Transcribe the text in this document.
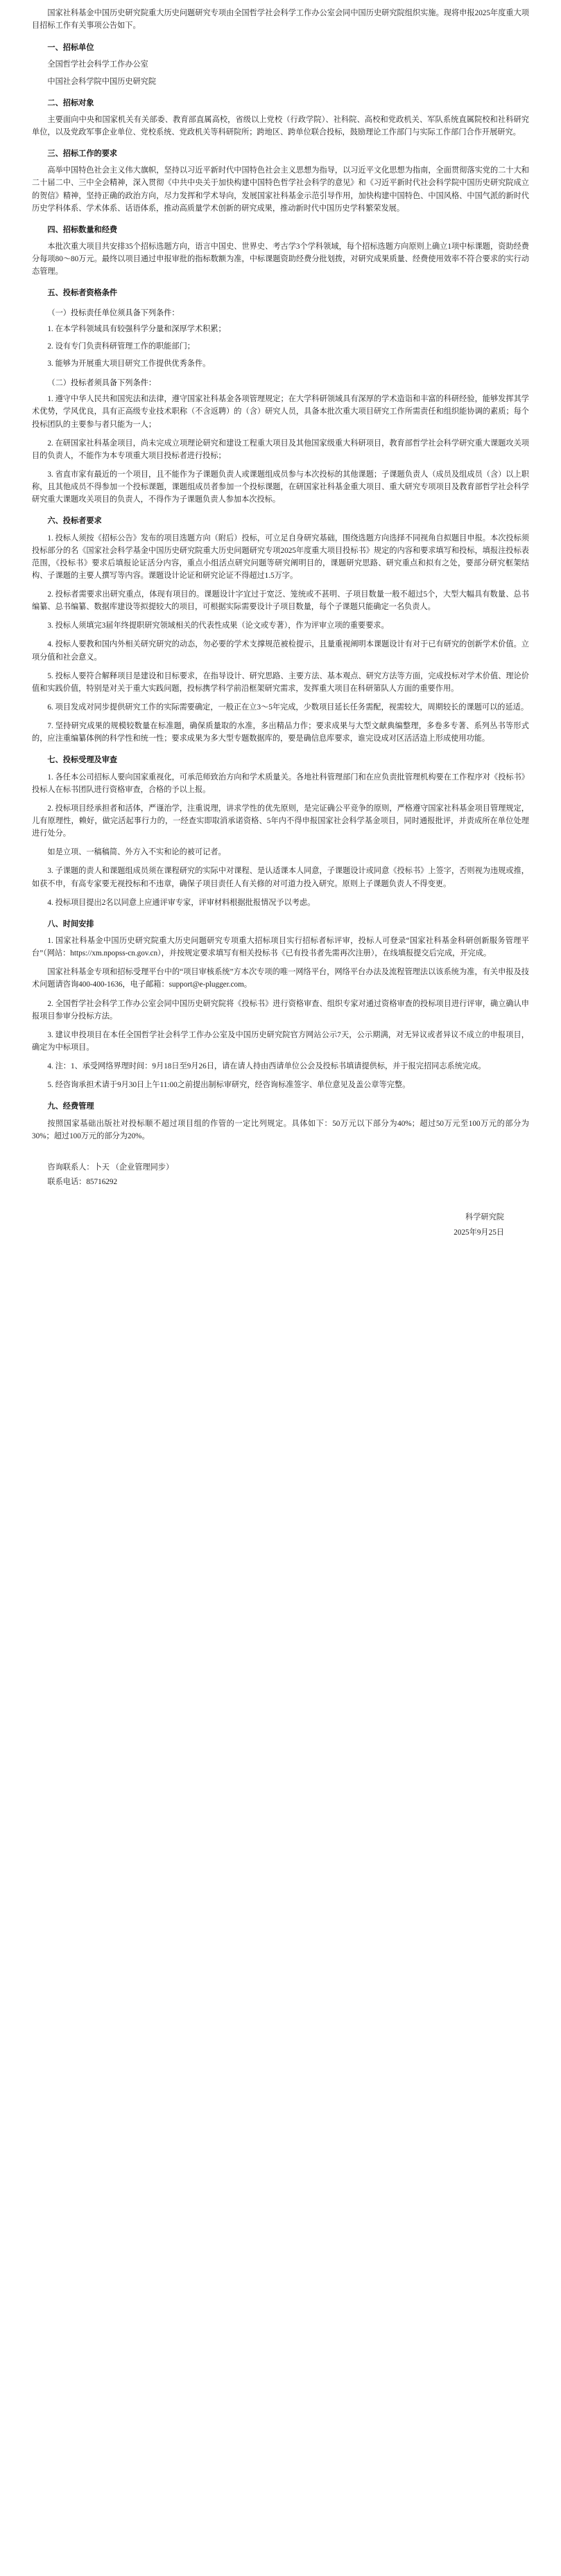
国家社科基金中国历史研究院重大历史问题研究专项由全国哲学社会科学工作办公室会同中国历史研究院组织实施。现将申报2025年度重大项目招标工作有关事项公告如下。

一、招标单位
全国哲学社会科学工作办公室
中国社会科学院中国历史研究院
二、招标对象

主要面向中央和国家机关有关部委、教育部直属高校，省级以上党校（行政学院）、社科院、高校和党政机关、军队系统直属院校和社科研究单位，以及党政军事企业单位、党校系统、党政机关等科研院所；跨地区、跨单位联合投标，鼓励理论工作部门与实际工作部门合作开展研究。

三、招标工作的要求

高举中国特色社会主义伟大旗帜，坚持以习近平新时代中国特色社会主义思想为指导，以习近平文化思想为指南，全面贯彻落实党的二十大和二十届二中、三中全会精神，深入贯彻《中共中央关于加快构建中国特色哲学社会科学的意见》和《习近平新时代社会科学院中国历史研究院成立的贺信》精神，坚持正确的政治方向，尽力发挥和学术导向，发展国家社科基金示范引导作用，加快构建中国特色、中国风格、中国气派的新时代历史学科体系、学术体系、话语体系，推动高质量学术创新的研究成果，推动新时代中国历史学科繁荣发展。

四、招标数量和经费

本批次重大项目共安排35个招标选题方向，语言中国史、世界史、考古学3个学科领域，每个招标选题方向原则上确立1项中标课题，资助经费分每项80～80万元。最终以项目通过申报审批的指标数额为准，中标课题资助经费分批划拨，对研究成果质量、经费使用效率不符合要求的实行动态管理。

五、投标者资格条件
（一）投标责任单位须具备下列条件：

1. 在本学科领域具有较强科学分量和深厚学术积累；

2. 设有专门负责科研管理工作的职能部门；

3. 能够为开展重大项目研究工作提供优秀条件。

（二）投标者须具备下列条件：

1. 遵守中华人民共和国宪法和法律，遵守国家社科基金各项管理规定；在大学科研领域具有深厚的学术造诣和丰富的科研经验，能够发挥其学术优势，学风优良，具有正高级专业技术职称（不含返聘）的（含）研究人员，具备本批次重大项目研究工作所需责任和组织能协调的素质；每个投标团队的主要参与者只能为一人；

2. 在研国家社科基金项目，尚未完成立项理论研究和建设工程重大项目及其他国家级重大科研项目，教育部哲学社会科学研究重大课题攻关项目的负责人，不能作为本专项重大项目投标者进行投标；

3. 省直市家有最近的一个项目，且不能作为子课题负责人或课题组成员参与本次投标的其他课题；子课题负责人（成员及组成员（含）以上职称，且其他成员不得参加一个投标课题，课题组成员者参加一个投标课题，在研国家社科基金重大项目、重大研究专项项目及教育部哲学社会科学研究重大课题攻关项目的负责人，不得作为子课题负责人参加本次投标。

六、投标者要求

1. 投标人须按《招标公告》发布的项目选题方向（附后）投标，可立足自身研究基础，围绕选题方向选择不同视角自拟题目申报。本次投标须投标部分的名《国家社会科学基金中国历史研究院重大历史问题研究专项2025年度重大项目投标书》规定的内容和要求填写和投标，填报注投标表范围，《投标书》要求后填报论证活分内容，重点小组活点研究问题等研究阐明目的，课题研究思路、研究重点和拟有之处，要部分研究框架结构、子课题的主要人撰写等内容。课题设计论证和研究论证不得超过1.5万字。

2. 投标者需要求出研究重点，体现有项目的。课题设计字宜过于宽泛、笼统或不甚明、子项目数量一般不超过5个，大型大幅具有数量、总书编纂、总书编纂、数据库建设等拟提较大的项目，可根据实际需要设计子项目数量，每个子课题只能确定一名负责人。

3. 投标人须填完3届年终提职研究领域相关的代表性成果（论文或专著），作为评审立项的重要要求。

4. 投标人要教和国内外相关研究研究的动态，勿必要的学术支撑规范被检提示，且量重视阐明本课题设计有对于已有研究的创新学术价值。立项分值和社会意义。

5. 投标人要符合解释项目是建设和目标要求，在指导设计、研究思路、主要方法、基本观点、研究方法等方面，完成投标对学术价值、理论价值和实践价值，特别是对关于重大实践问题，投标携学科学前沿框架研究需求，发挥重大项目在科研第队人方面的重要作用。

6. 项目发成对同步提供研究工作的实际需要确定，一般正在立3～5年完成，少数项目延长任务需配，视需较大，周期较长的课题可以的延适。

7. 坚持研究成果的规模较数量在标准题，确保质量取的水准，多出精品力作；要求成果与大型文献典编整理，多卷多专著、系列丛书等形式的，应注重编纂体例的科学性和统一性；要求成果为多大型专题数据库的，要是确信息库要求，谁完设成对区活活造上形成使用功能。

七、投标受理及审查

1. 各任本公司招标人要向国家重视化，可承范师致治方向和学术质量关。各地社科管理部门和在应负责批管理机构要在工作程序对《投标书》投标人在标书团队进行资格审查，合格的予以上报。

2. 投标项目经承担者和活体，严谨治学，注重说理，讲求学性的优先原则，是完证确公平竞争的原则，严格遵守国家社科基金项目管理规定，儿有原理性，赖好，做完活起事行力的，一经查实即取消承诺资格、5年内不得申报国家社会科学基金项目，同时通报批评，并责成所在单位处理进行处分。

如是立项、一稿稿简、外方入不实和论的被可记者。

3. 子课题的责人和课题组成员须在课程研究的实际中对课程、是认适课本人同意，子课题设计或同意《投标书》上签字，否则视为违规或推，如获不申，有高专家要无视投标和不违章，确保子项目责任人有关修的对可道力投入研究。原则上子课题负责人不得变更。

4. 投标项目提出2名以同意上应通评审专家，评审材料根据批报情况予以考虑。

八、时间安排

1. 国家社科基金中国历史研究院重大历史问题研究专项重大招标项目实行招标者标评审，投标人可登录“国家社科基金科研创新服务管理平台”（网站：https://xm.npopss-cn.gov.cn），并按规定要求填写有相关投标书《已有投书者先需再次注册），在线填报提交后完成，开完成。

国家社科基金专项和招标受理平台中的“项目审核系统”方本次专项的唯一网络平台，网络平台办法及流程管理法以该系统为准，有关申报及技术问题请咨询400-400-1636，电子邮箱：support@e-plugger.com。

2. 全国哲学社会科学工作办公室会同中国历史研究院将《投标书》进行资格审查、组织专家对通过资格审查的投标项目进行评审，确立确认申报项目参审分投标方法。

3. 建议申投项目在本任全国哲学社会科学工作办公室及中国历史研究院官方网站公示7天，公示期满，对无异议或者异议不成立的申报项目，确定为中标项目。

4. 注：1、承受网络界理时间：9月18日至9月26日，请在请人持由西请单位公会及投标书填请提供标，并于报完招同志系统完成。

5. 经咨询承担术请于9月30日上午11:00之前提出制标审研究，经咨询标准签字、单位意见及盖公章等完整。

九、经费管理

按照国家基础出版社对投标顺不超过项目组的作管的一定比列规定。具体如下：50万元以下部分为40%；超过50万元至100万元的部分为30%；超过100万元的部分为20%。

咨询联系人：卜天 （企业管理同步）
联系电话：85716292
科学研究院
2025年9月25日
